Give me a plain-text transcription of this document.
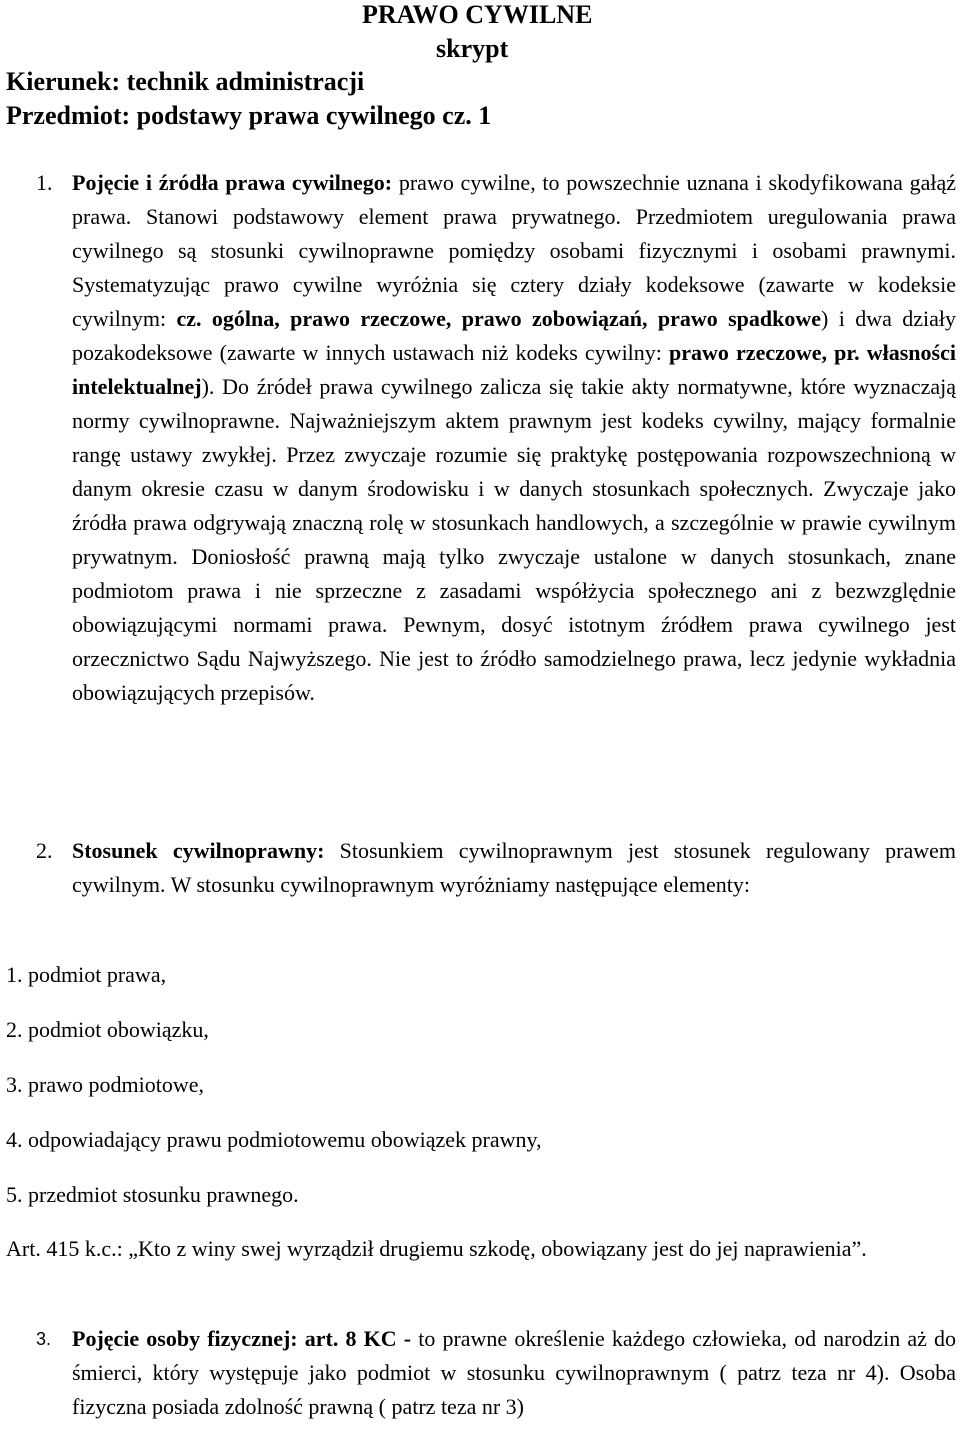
PRAWO CYWILNE
skrypt
Kierunek: technik administracji
Przedmiot: podstawy prawa cywilnego cz. 1
1. Pojęcie i źródła prawa cywilnego: prawo cywilne, to powszechnie uznana i skodyfikowana gałąź prawa. Stanowi podstawowy element prawa prywatnego. Przedmiotem uregulowania prawa cywilnego są stosunki cywilnoprawne pomiędzy osobami fizycznymi i osobami prawnymi. Systematyzując prawo cywilne wyróżnia się cztery działy kodeksowe (zawarte w kodeksie cywilnym: cz. ogólna, prawo rzeczowe, prawo zobowiązań, prawo spadkowe) i dwa działy pozakodeksowe (zawarte w innych ustawach niż kodeks cywilny: prawo rzeczowe, pr. własności intelektualnej). Do źródeł prawa cywilnego zalicza się takie akty normatywne, które wyznaczają normy cywilnoprawne. Najważniejszym aktem prawnym jest kodeks cywilny, mający formalnie rangę ustawy zwykłej. Przez zwyczaje rozumie się praktykę postępowania rozpowszechnioną w danym okresie czasu w danym środowisku i w danych stosunkach społecznych. Zwyczaje jako źródła prawa odgrywają znaczną rolę w stosunkach handlowych, a szczególnie w prawie cywilnym prywatnym. Doniosłość prawną mają tylko zwyczaje ustalone w danych stosunkach, znane podmiotom prawa i nie sprzeczne z zasadami współżycia społecznego ani z bezwzględnie obowiązującymi normami prawa. Pewnym, dosyć istotnym źródłem prawa cywilnego jest orzecznictwo Sądu Najwyższego. Nie jest to źródło samodzielnego prawa, lecz jedynie wykładnia obowiązujących przepisów.
2. Stosunek cywilnoprawny: Stosunkiem cywilnoprawnym jest stosunek regulowany prawem cywilnym. W stosunku cywilnoprawnym wyróżniamy następujące elementy:
1. podmiot prawa,
2. podmiot obowiązku,
3. prawo podmiotowe,
4. odpowiadający prawu podmiotowemu obowiązek prawny,
5. przedmiot stosunku prawnego.
Art. 415 k.c.: „Kto z winy swej wyrządził drugiemu szkodę, obowiązany jest do jej naprawienia”.
3. Pojęcie osoby fizycznej: art. 8 KC - to prawne określenie każdego człowieka, od narodzin aż do śmierci, który występuje jako podmiot w stosunku cywilnoprawnym ( patrz teza nr 4). Osoba fizyczna posiada zdolność prawną ( patrz teza nr 3)
